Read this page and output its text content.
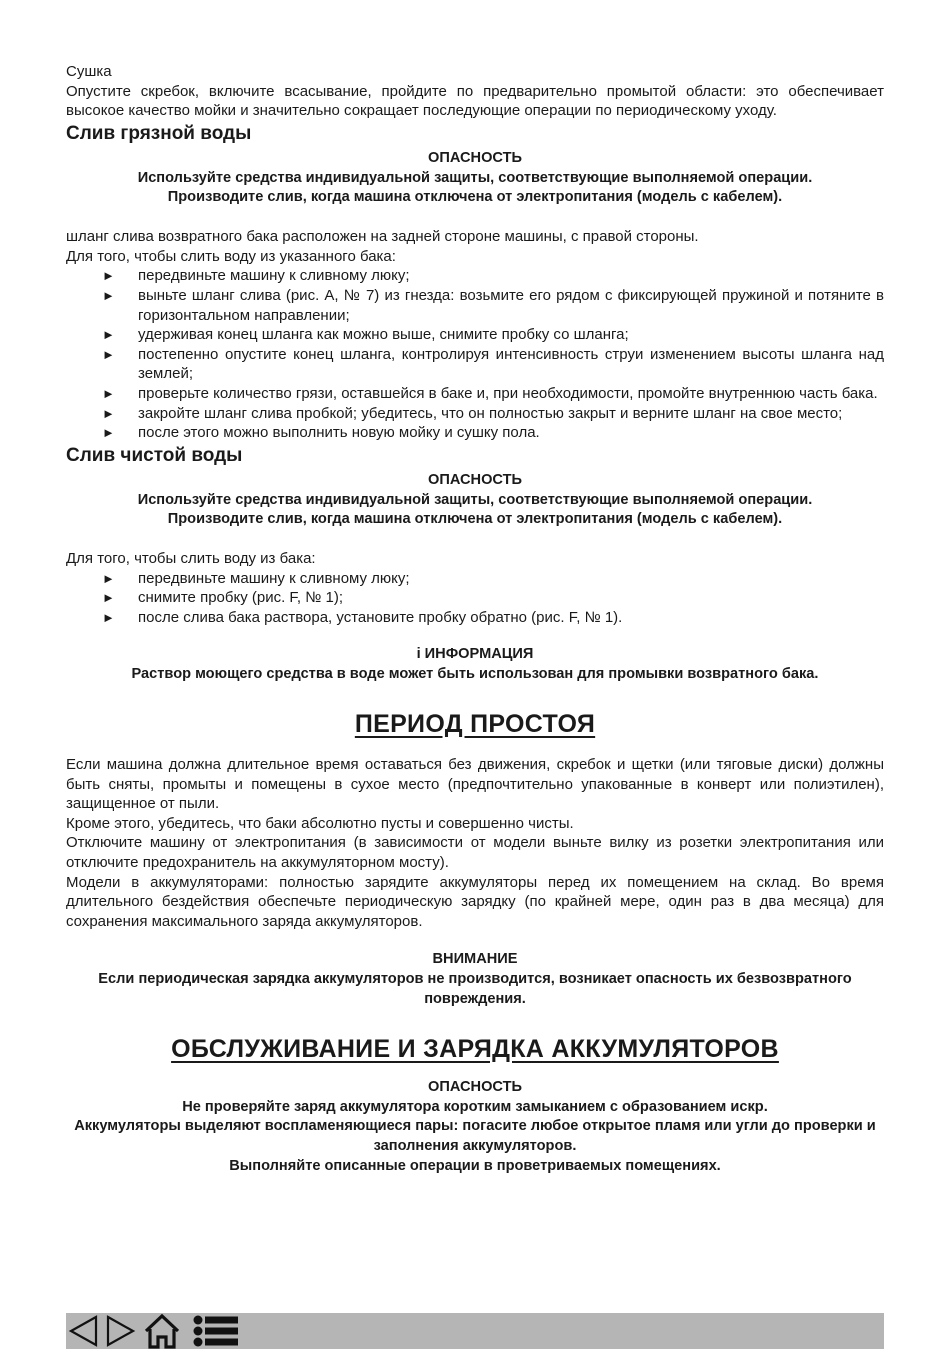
Сушка

Опустите скребок, включите всасывание, пройдите по предварительно промытой области: это обеспечивает высокое качество мойки и значительно сокращает последующие операции по периодическому уходу.

Слив грязной воды
ОПАСНОСТЬ
Используйте средства индивидуальной защиты, соответствующие выполняемой операции.
Производите слив, когда машина отключена от электропитания (модель с кабелем).

шланг слива возвратного бака расположен на задней стороне машины, с правой стороны.

Для того, чтобы слить воду из указанного бака:

► передвиньте машину к сливному люку;
► выньте шланг слива (рис. A, № 7) из гнезда: возьмите его рядом с фиксирующей пружиной и потяните в горизонтальном направлении;
► удерживая конец шланга как можно выше, снимите пробку со шланга;
► постепенно опустите конец шланга, контролируя интенсивность струи изменением высоты шланга над землей;
► проверьте количество грязи, оставшейся в баке и, при необходимости, промойте внутреннюю часть бака.
► закройте шланг слива пробкой; убедитесь, что он полностью закрыт и верните шланг на свое место;
► после этого можно выполнить новую мойку и сушку пола.
Слив чистой воды
ОПАСНОСТЬ
Используйте средства индивидуальной защиты, соответствующие выполняемой операции.
Производите слив, когда машина отключена от электропитания (модель с кабелем).

Для того, чтобы слить воду из бака:

► передвиньте машину к сливному люку;
► снимите пробку (рис. F, № 1);
► после слива бака раствора, установите пробку обратно (рис. F, № 1).
i ИНФОРМАЦИЯ
Раствор моющего средства в воде может быть использован для промывки возвратного бака.
ПЕРИОД ПРОСТОЯ

Если машина должна длительное время оставаться без движения, скребок и щетки (или тяговые диски) должны быть сняты, промыты и помещены в сухое место (предпочтительно упакованные в конверт или полиэтилен), защищенное от пыли.

Кроме этого, убедитесь, что баки абсолютно пусты и совершенно чисты.

Отключите машину от электропитания (в зависимости от модели выньте вилку из розетки электропитания или отключите предохранитель на аккумуляторном мосту).

Модели в аккумуляторами: полностью зарядите аккумуляторы перед их помещением на склад. Во время длительного бездействия обеспечьте периодическую зарядку (по крайней мере, один раз в два месяца) для сохранения максимального заряда аккумуляторов.

ВНИМАНИЕ
Если периодическая зарядка аккумуляторов не производится, возникает опасность их безвозвратного повреждения.
ОБСЛУЖИВАНИЕ И ЗАРЯДКА АККУМУЛЯТОРОВ
ОПАСНОСТЬ
Не проверяйте заряд аккумулятора коротким замыканием с образованием искр.
Аккумуляторы выделяют воспламеняющиеся пары: погасите любое открытое пламя или угли до проверки и заполнения аккумуляторов.
Выполняйте описанные операции в проветриваемых помещениях.
